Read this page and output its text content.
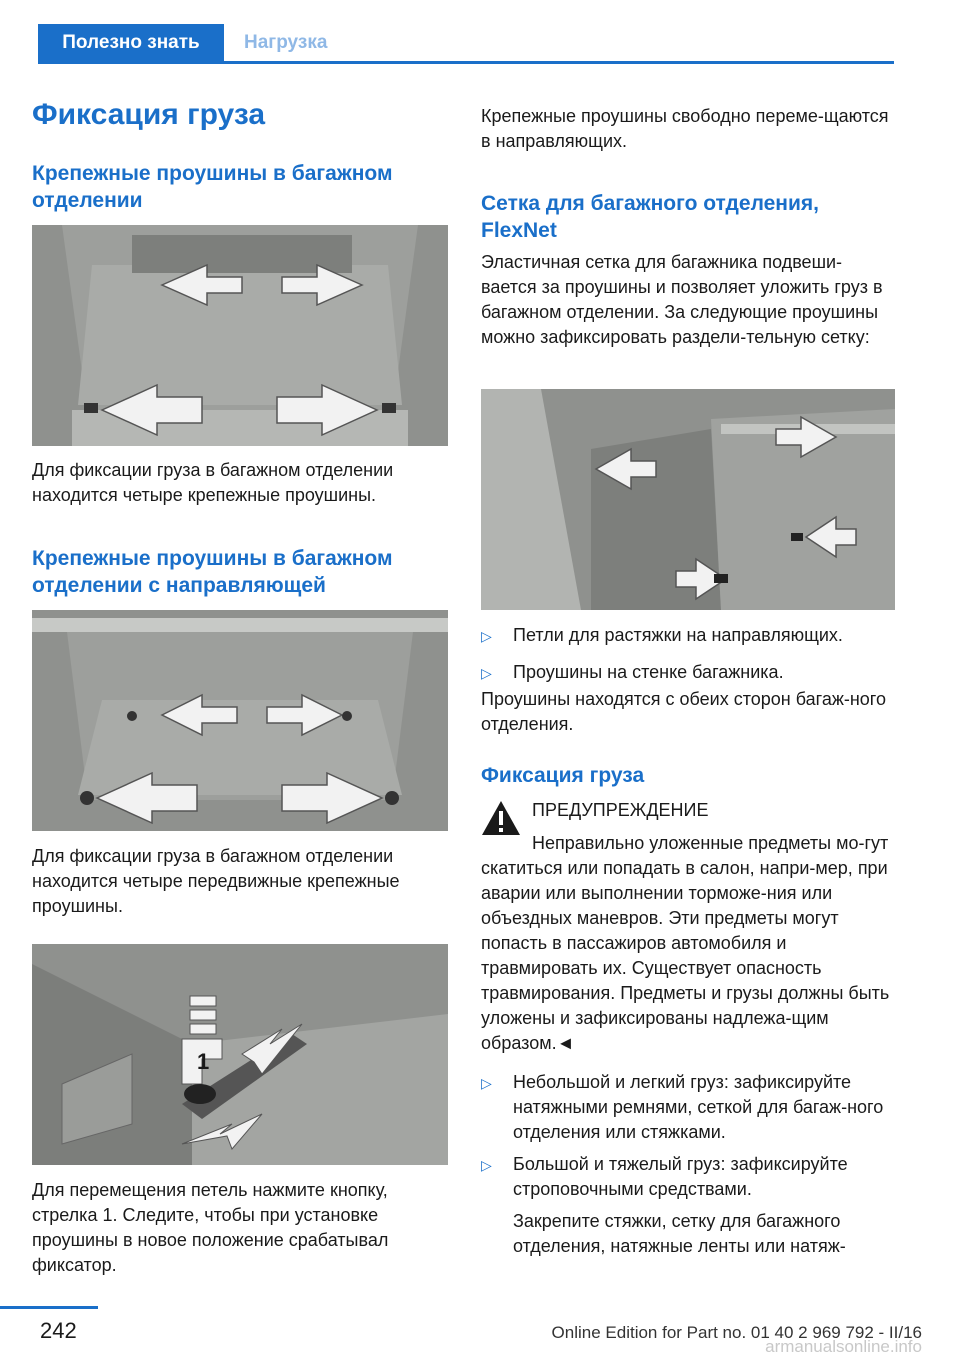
Полезно знать	Нагрузка
Фиксация груза
Крепежные проушины в багажном отделении

Для фиксации груза в багажном отделении находится четыре крепежные проушины.

Крепежные проушины в багажном отделении с направляющей

Для фиксации груза в багажном отделении находится четыре передвижные крепежные проушины.

1

Для перемещения петель нажмите кнопку, стрелка 1. Следите, чтобы при установке проушины в новое положение срабатывал фиксатор.

Крепежные проушины свободно переме‐щаются в направляющих.

Сетка для багажного отделения, FlexNet

Эластичная сетка для багажника подвеши‐вается за проушины и позволяет уложить груз в багажном отделении. За следующие проушины можно зафиксировать раздели‐тельную сетку:

▷	Петли для растяжки на направляющих.
▷	Проушины на стенке багажника.

Проушины находятся с обеих сторон багаж‐ного отделения.

Фиксация груза

ПРЕДУПРЕЖДЕНИЕ

Неправильно уложенные предметы мо‐гут скатиться или попадать в салон, напри‐мер, при аварии или выполнении торможе‐ния или объездных маневров. Эти предметы могут попасть в пассажиров автомобиля и травмировать их. Существует опасность травмирования. Предметы и грузы должны быть уложены и зафиксированы надлежа‐щим образом.◄

▷	Небольшой и легкий груз: зафиксируйте натяжными ремнями, сеткой для багаж‐ного отделения или стяжками.
▷	Большой и тяжелый груз: зафиксируйте строповочными средствами.
Закрепите стяжки, сетку для багажного отделения, натяжные ленты или натяж‐
242	Online Edition for Part no. 01 40 2 969 792 - II/16
armanualsonline.info
